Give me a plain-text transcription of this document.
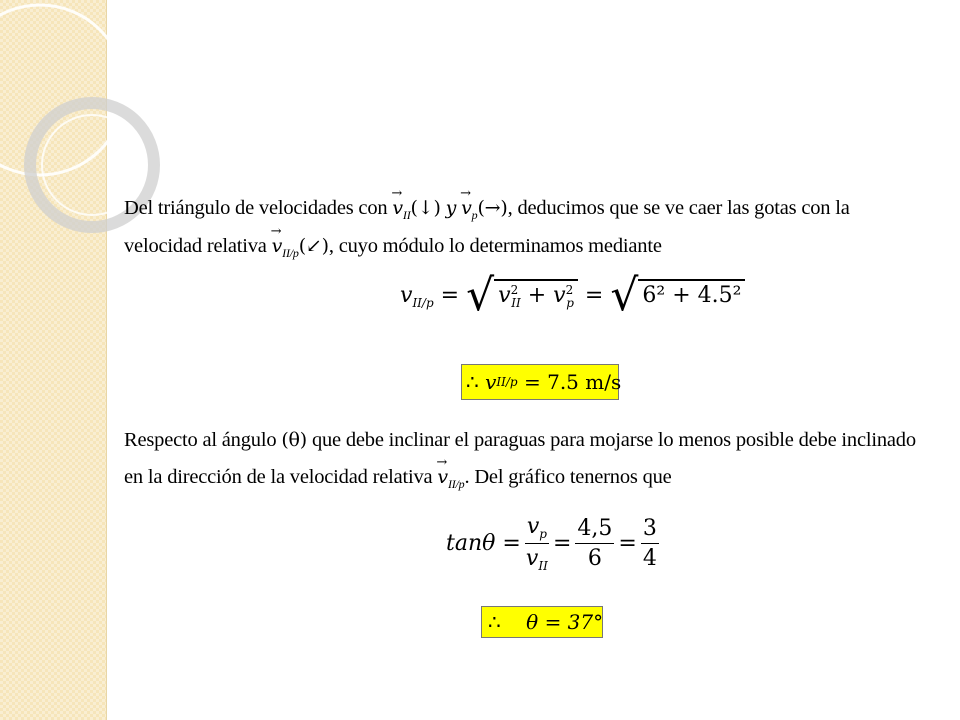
Del triángulo de velocidades con → $v_{II}(↓) y \to v_p(\to)$, deducimos que se ve caer las gotas con la
velocidad relativa → $v_{II/p}(↙)$, cuyo módulo lo determinamos mediante
$v_{II/p}$ = √ $v^2_{II} + v^2_p$ = √ 6² + 4.5²
∴
v II/p
= 7.5 m/s
Respecto al ángulo (θ) que debe inclinar el paraguas para mojarse lo menos posible debe inclinado
en la dirección de la velocidad relativa → $v_{II/p}$. Del gráfico tenernos que
tanθ
= $\frac{v_p}{v_{II}} = \frac{4,5}{6} = \frac{3}{4}$
∴
θ = 37°
